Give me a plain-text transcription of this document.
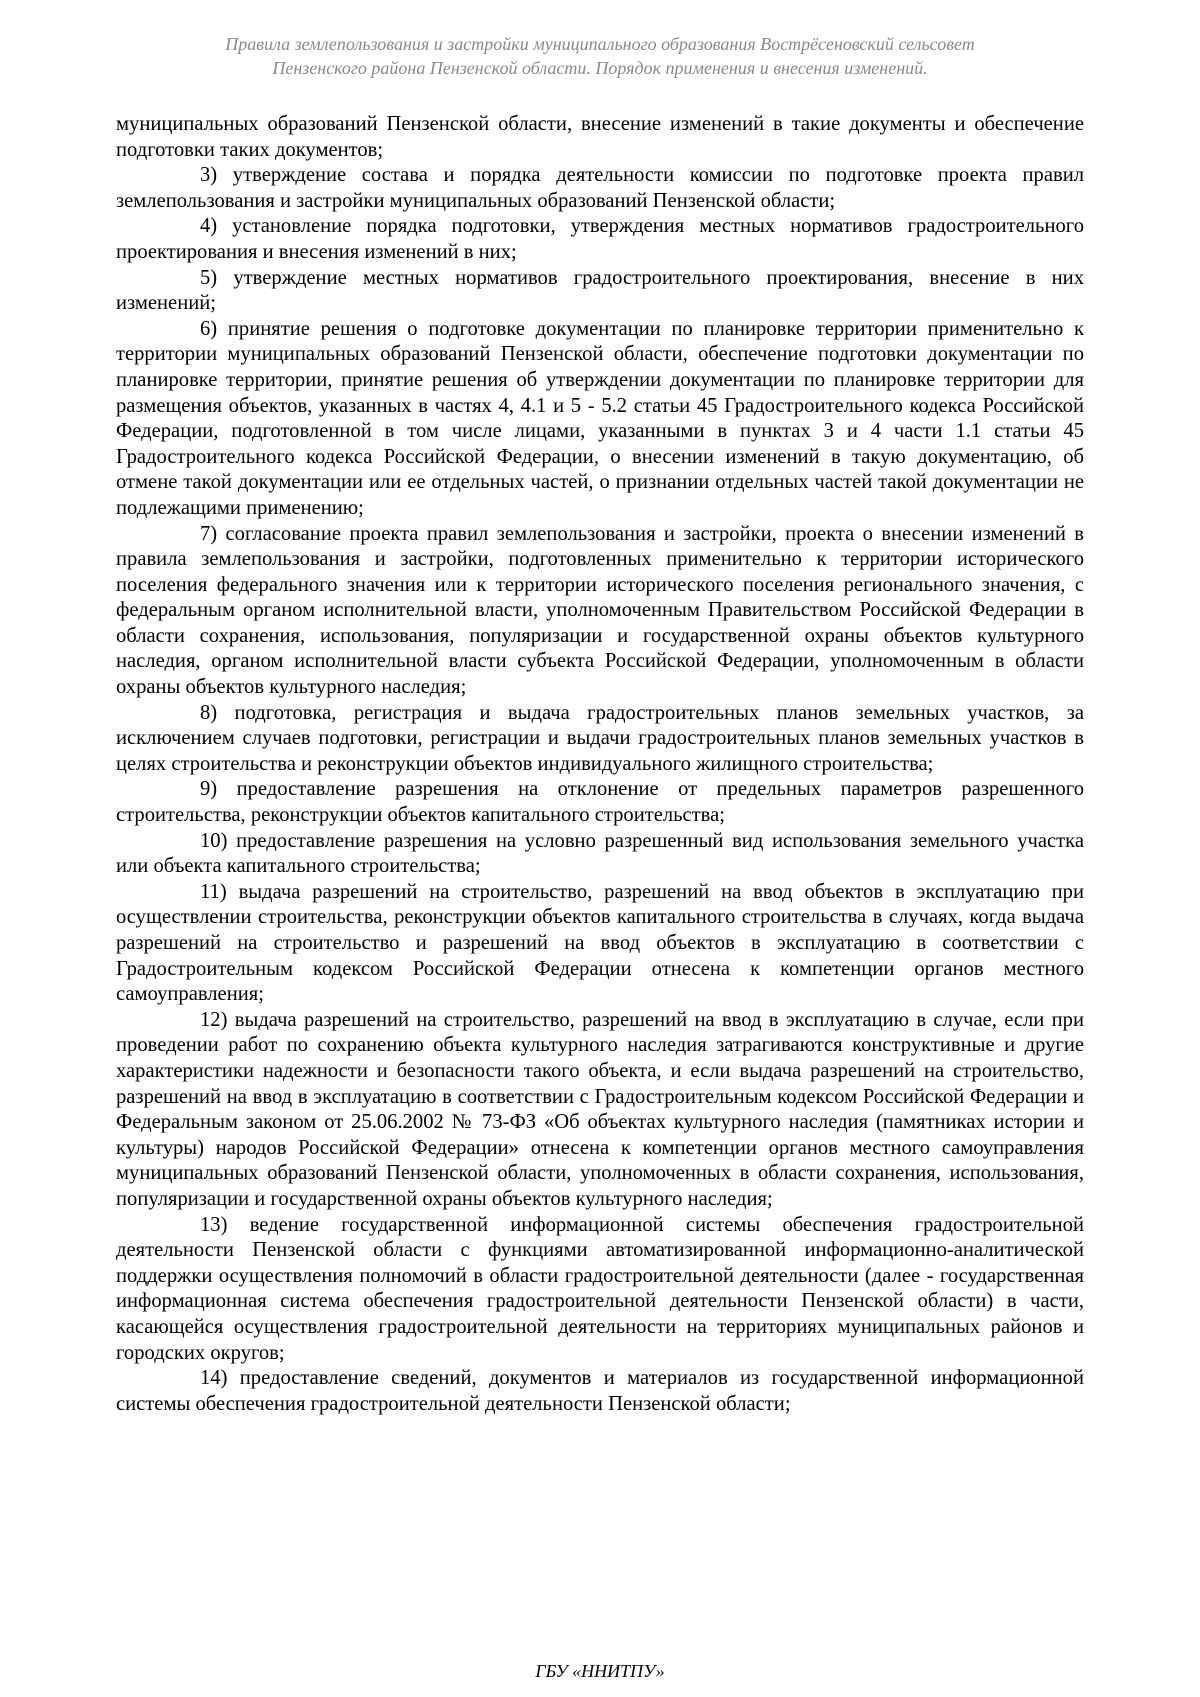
Правила землепользования и застройки муниципального образования Вострёсеновский сельсовет
Пензенского района Пензенской области. Порядок применения и внесения изменений.

муниципальных образований Пензенской области, внесение изменений в такие документы и обеспечение подготовки таких документов;

3) утверждение состава и порядка деятельности комиссии по подготовке проекта правил землепользования и застройки муниципальных образований Пензенской области;

4) установление порядка подготовки, утверждения местных нормативов градостроительного проектирования и внесения изменений в них;

5) утверждение местных нормативов градостроительного проектирования, внесение в них изменений;

6) принятие решения о подготовке документации по планировке территории применительно к территории муниципальных образований Пензенской области, обеспечение подготовки документации по планировке территории, принятие решения об утверждении документации по планировке территории для размещения объектов, указанных в частях 4, 4.1 и 5 - 5.2 статьи 45 Градостроительного кодекса Российской Федерации, подготовленной в том числе лицами, указанными в пунктах 3 и 4 части 1.1 статьи 45 Градостроительного кодекса Российской Федерации, о внесении изменений в такую документацию, об отмене такой документации или ее отдельных частей, о признании отдельных частей такой документации не подлежащими применению;

7) согласование проекта правил землепользования и застройки, проекта о внесении изменений в правила землепользования и застройки, подготовленных применительно к территории исторического поселения федерального значения или к территории исторического поселения регионального значения, с федеральным органом исполнительной власти, уполномоченным Правительством Российской Федерации в области сохранения, использования, популяризации и государственной охраны объектов культурного наследия, органом исполнительной власти субъекта Российской Федерации, уполномоченным в области охраны объектов культурного наследия;

8) подготовка, регистрация и выдача градостроительных планов земельных участков, за исключением случаев подготовки, регистрации и выдачи градостроительных планов земельных участков в целях строительства и реконструкции объектов индивидуального жилищного строительства;

9) предоставление разрешения на отклонение от предельных параметров разрешенного строительства, реконструкции объектов капитального строительства;

10) предоставление разрешения на условно разрешенный вид использования земельного участка или объекта капитального строительства;

11) выдача разрешений на строительство, разрешений на ввод объектов в эксплуатацию при осуществлении строительства, реконструкции объектов капитального строительства в случаях, когда выдача разрешений на строительство и разрешений на ввод объектов в эксплуатацию в соответствии с Градостроительным кодексом Российской Федерации отнесена к компетенции органов местного самоуправления;

12) выдача разрешений на строительство, разрешений на ввод в эксплуатацию в случае, если при проведении работ по сохранению объекта культурного наследия затрагиваются конструктивные и другие характеристики надежности и безопасности такого объекта, и если выдача разрешений на строительство, разрешений на ввод в эксплуатацию в соответствии с Градостроительным кодексом Российской Федерации и Федеральным законом от 25.06.2002 № 73-ФЗ «Об объектах культурного наследия (памятниках истории и культуры) народов Российской Федерации» отнесена к компетенции органов местного самоуправления муниципальных образований Пензенской области, уполномоченных в области сохранения, использования, популяризации и государственной охраны объектов культурного наследия;

13) ведение государственной информационной системы обеспечения градостроительной деятельности Пензенской области с функциями автоматизированной информационно-аналитической поддержки осуществления полномочий в области градостроительной деятельности (далее - государственная информационная система обеспечения градостроительной деятельности Пензенской области) в части, касающейся осуществления градостроительной деятельности на территориях муниципальных районов и городских округов;

14) предоставление сведений, документов и материалов из государственной информационной системы обеспечения градостроительной деятельности Пензенской области;

ГБУ «ННИТПУ»
